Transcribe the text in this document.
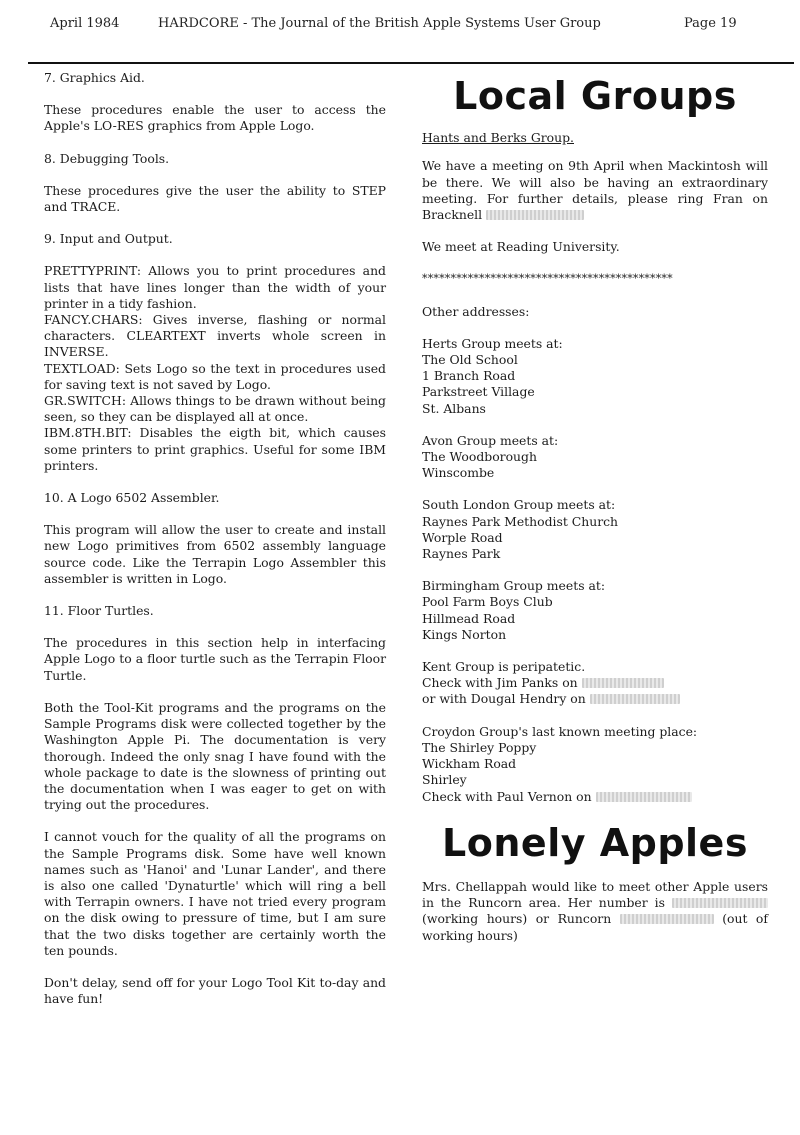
April 1984	HARDCORE - The Journal of the British Apple Systems User Group	Page 19

7. Graphics Aid.

These procedures enable the user to access the Apple's LO-RES graphics from Apple Logo.

8. Debugging Tools.

These procedures give the user the ability to STEP and TRACE.

9. Input and Output.

PRETTYPRINT: Allows you to print procedures and lists that have lines longer than the width of your printer in a tidy fashion.

FANCY.CHARS: Gives inverse, flashing or normal characters. CLEARTEXT inverts whole screen in INVERSE.

TEXTLOAD: Sets Logo so the text in procedures used for saving text is not saved by Logo.

GR.SWITCH: Allows things to be drawn without being seen, so they can be displayed all at once.

IBM.8TH.BIT: Disables the eigth bit, which causes some printers to print graphics. Useful for some IBM printers.

10. A Logo 6502 Assembler.

This program will allow the user to create and install new Logo primitives from 6502 assembly language source code. Like the Terrapin Logo Assembler this assembler is written in Logo.

11. Floor Turtles.

The procedures in this section help in interfacing Apple Logo to a floor turtle such as the Terrapin Floor Turtle.

Both the Tool-Kit programs and the programs on the Sample Programs disk were collected together by the Washington Apple Pi. The documentation is very thorough. Indeed the only snag I have found with the whole package to date is the slowness of printing out the documentation when I was eager to get on with trying out the procedures.

I cannot vouch for the quality of all the programs on the Sample Programs disk. Some have well known names such as 'Hanoi' and 'Lunar Lander', and there is also one called 'Dynaturtle' which will ring a bell with Terrapin owners. I have not tried every program on the disk owing to pressure of time, but I am sure that the two disks together are certainly worth the ten pounds.

Don't delay, send off for your Logo Tool Kit to-day and have fun!

Local Groups

Hants and Berks Group.

We have a meeting on 9th April when Mackintosh will be there. We will also be having an extraordinary meeting. For further details, please ring Fran on Bracknell

We meet at Reading University.

********************************************

Other addresses:

Herts Group meets at:
The Old School
1 Branch Road
Parkstreet Village
St. Albans
Avon Group meets at:
The Woodborough
Winscombe
South London Group meets at:
Raynes Park Methodist Church
Worple Road
Raynes Park
Birmingham Group meets at:
Pool Farm Boys Club
Hillmead Road
Kings Norton
Kent Group is peripatetic.
Check with Jim Panks on
or with Dougal Hendry on
Croydon Group's last known meeting place:
The Shirley Poppy
Wickham Road
Shirley
Check with Paul Vernon on
Lonely Apples

Mrs. Chellappah would like to meet other Apple users in the Runcorn area. Her number is  (working hours) or Runcorn	(out of working hours)
